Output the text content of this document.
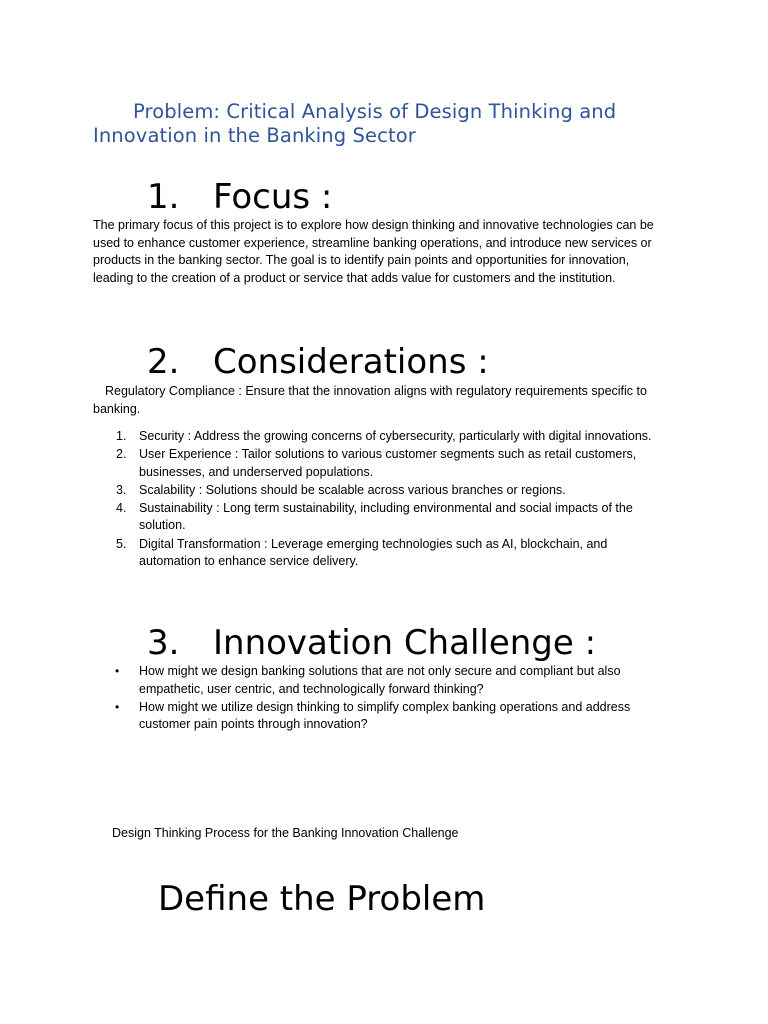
Problem: Critical Analysis of Design Thinking and Innovation in the Banking Sector
1. Focus :

The primary focus of this project is to explore how design thinking and innovative technologies can be used to enhance customer experience, streamline banking operations, and introduce new services or products in the banking sector. The goal is to identify pain points and opportunities for innovation, leading to the creation of a product or service that adds value for customers and the institution.

2. Considerations :

Regulatory Compliance : Ensure that the innovation aligns with regulatory requirements specific to banking.

1. Security : Address the growing concerns of cybersecurity, particularly with digital innovations.
2. User Experience : Tailor solutions to various customer segments such as retail customers, businesses, and underserved populations.
3. Scalability : Solutions should be scalable across various branches or regions.
4. Sustainability : Long term sustainability, including environmental and social impacts of the solution.
5. Digital Transformation : Leverage emerging technologies such as AI, blockchain, and automation to enhance service delivery.
3. Innovation Challenge :
• How might we design banking solutions that are not only secure and compliant but also empathetic, user centric, and technologically forward thinking?
• How might we utilize design thinking to simplify complex banking operations and address customer pain points through innovation?

Design Thinking Process for the Banking Innovation Challenge

Define the Problem
